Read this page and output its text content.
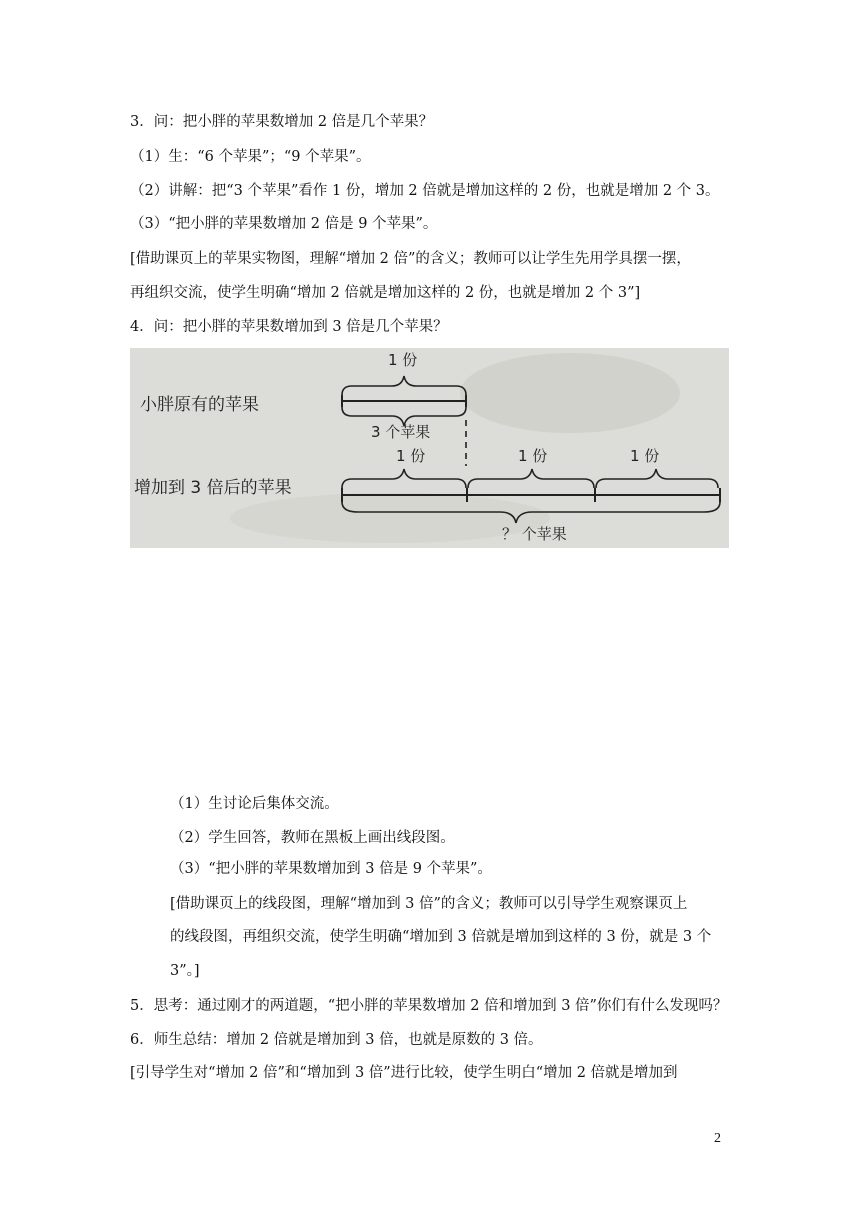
3．问：把小胖的苹果数增加 2 倍是几个苹果？
（1）生：“6 个苹果”；“9 个苹果”。
（2）讲解：把“3 个苹果”看作 1 份，增加 2 倍就是增加这样的 2 份，也就是增加 2 个 3。
（3）“把小胖的苹果数增加 2 倍是 9 个苹果”。
[借助课页上的苹果实物图，理解“增加 2 倍”的含义；教师可以让学生先用学具摆一摆，
再组织交流，使学生明确“增加 2 倍就是增加这样的 2 份，也就是增加 2 个 3”]
4．问：把小胖的苹果数增加到 3 倍是几个苹果？
小胖原有的苹果
1 份
3 个苹果
增加到 3 倍后的苹果
1 份	1 份	1 份
？ 个苹果
（1）生讨论后集体交流。
（2）学生回答，教师在黑板上画出线段图。
（3）“把小胖的苹果数增加到 3 倍是 9 个苹果”。
[借助课页上的线段图，理解“增加到 3 倍”的含义；教师可以引导学生观察课页上
的线段图，再组织交流，使学生明确“增加到 3 倍就是增加到这样的 3 份，就是 3 个
3”。]
5．思考：通过刚才的两道题，“把小胖的苹果数增加 2 倍和增加到 3 倍”你们有什么发现吗？
6．师生总结：增加 2 倍就是增加到 3 倍，也就是原数的 3 倍。
[引导学生对“增加 2 倍”和“增加到 3 倍”进行比较，使学生明白“增加 2 倍就是增加到
2
